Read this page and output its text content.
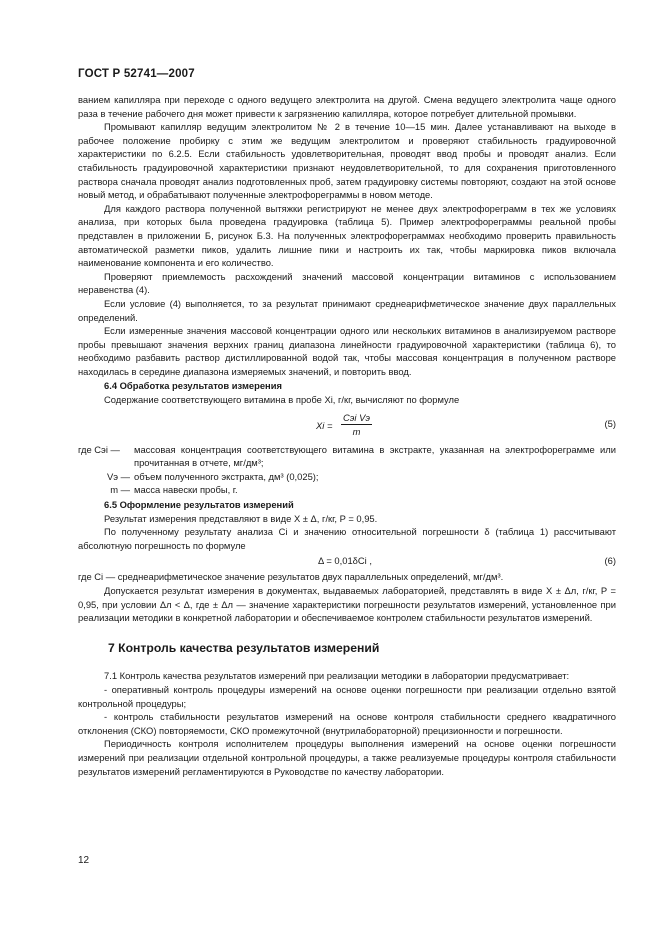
ГОСТ Р 52741—2007

ванием капилляра при переходе с одного ведущего электролита на другой. Смена ведущего электролита чаще одного раза в течение рабочего дня может привести к загрязнению капилляра, которое потребует длительной промывки.

Промывают капилляр ведущим электролитом № 2 в течение 10—15 мин. Далее устанавливают на выходе в рабочее положение пробирку с этим же ведущим электролитом и проверяют стабильность градуировочной характеристики по 6.2.5. Если стабильность удовлетворительная, проводят ввод пробы и проводят анализ. Если стабильность градуировочной характеристики признают неудовлетворительной, то для сохранения приготовленного раствора сначала проводят анализ подготовленных проб, затем градуировку системы повторяют, создают на этой основе новый метод, и обрабатывают полученные электрофореграммы в новом методе.

Для каждого раствора полученной вытяжки регистрируют не менее двух электрофореграмм в тех же условиях анализа, при которых была проведена градуировка (таблица 5). Пример электрофореграммы реальной пробы представлен в приложении Б, рисунок Б.3. На полученных электрофореграммах необходимо проверить правильность автоматической разметки пиков, удалить лишние пики и настроить их так, чтобы маркировка пиков включала наименование компонента и его количество.

Проверяют приемлемость расхождений значений массовой концентрации витаминов с использованием неравенства (4).

Если условие (4) выполняется, то за результат принимают среднеарифметическое значение двух параллельных определений.

Если измеренные значения массовой концентрации одного или нескольких витаминов в анализируемом растворе пробы превышают значения верхних границ диапазона линейности градуировочной характеристики (таблица 6), то необходимо разбавить раствор дистиллированной водой так, чтобы массовая концентрация в полученном растворе находилась в середине диапазона измеряемых значений, и повторить ввод.

6.4 Обработка результатов измерения

Содержание соответствующего витамина в пробе Xi, г/кг, вычисляют по формуле

Xi =
Cэi Vэ
m
(5)
где Cэi —	массовая концентрация соответствующего витамина в экстракте, указанная на электрофореграмме или прочитанная в отчете, мг/дм³;
Vэ — объем полученного экстракта, дм³ (0,025);
m — масса навески пробы, г.

6.5 Оформление результатов измерений

Результат измерения представляют в виде X ± Δ, г/кг, P = 0,95.

По полученному результату анализа Ci и значению относительной погрешности δ (таблица 1) рассчитывают абсолютную погрешность по формуле

Δ = 0,01δCi ,	(6)

где Ci — среднеарифметическое значение результатов двух параллельных определений, мг/дм³.

Допускается результат измерения в документах, выдаваемых лабораторией, представлять в виде X ± Δл, г/кг, P = 0,95, при условии Δл < Δ, где ± Δл — значение характеристики погрешности результатов измерений, установленное при реализации методики в конкретной лаборатории и обеспечиваемое контролем стабильности результатов измерений.

7 Контроль качества результатов измерений

7.1 Контроль качества результатов измерений при реализации методики в лаборатории предусматривает:

- оперативный контроль процедуры измерений на основе оценки погрешности при реализации отдельно взятой контрольной процедуры;

- контроль стабильности результатов измерений на основе контроля стабильности среднего квадратичного отклонения (СКО) повторяемости, СКО промежуточной (внутрилабораторной) прецизионности и погрешности.

Периодичность контроля исполнителем процедуры выполнения измерений на основе оценки погрешности измерений при реализации отдельной контрольной процедуры, а также реализуемые процедуры контроля стабильности результатов измерений регламентируются в Руководстве по качеству лаборатории.

12
